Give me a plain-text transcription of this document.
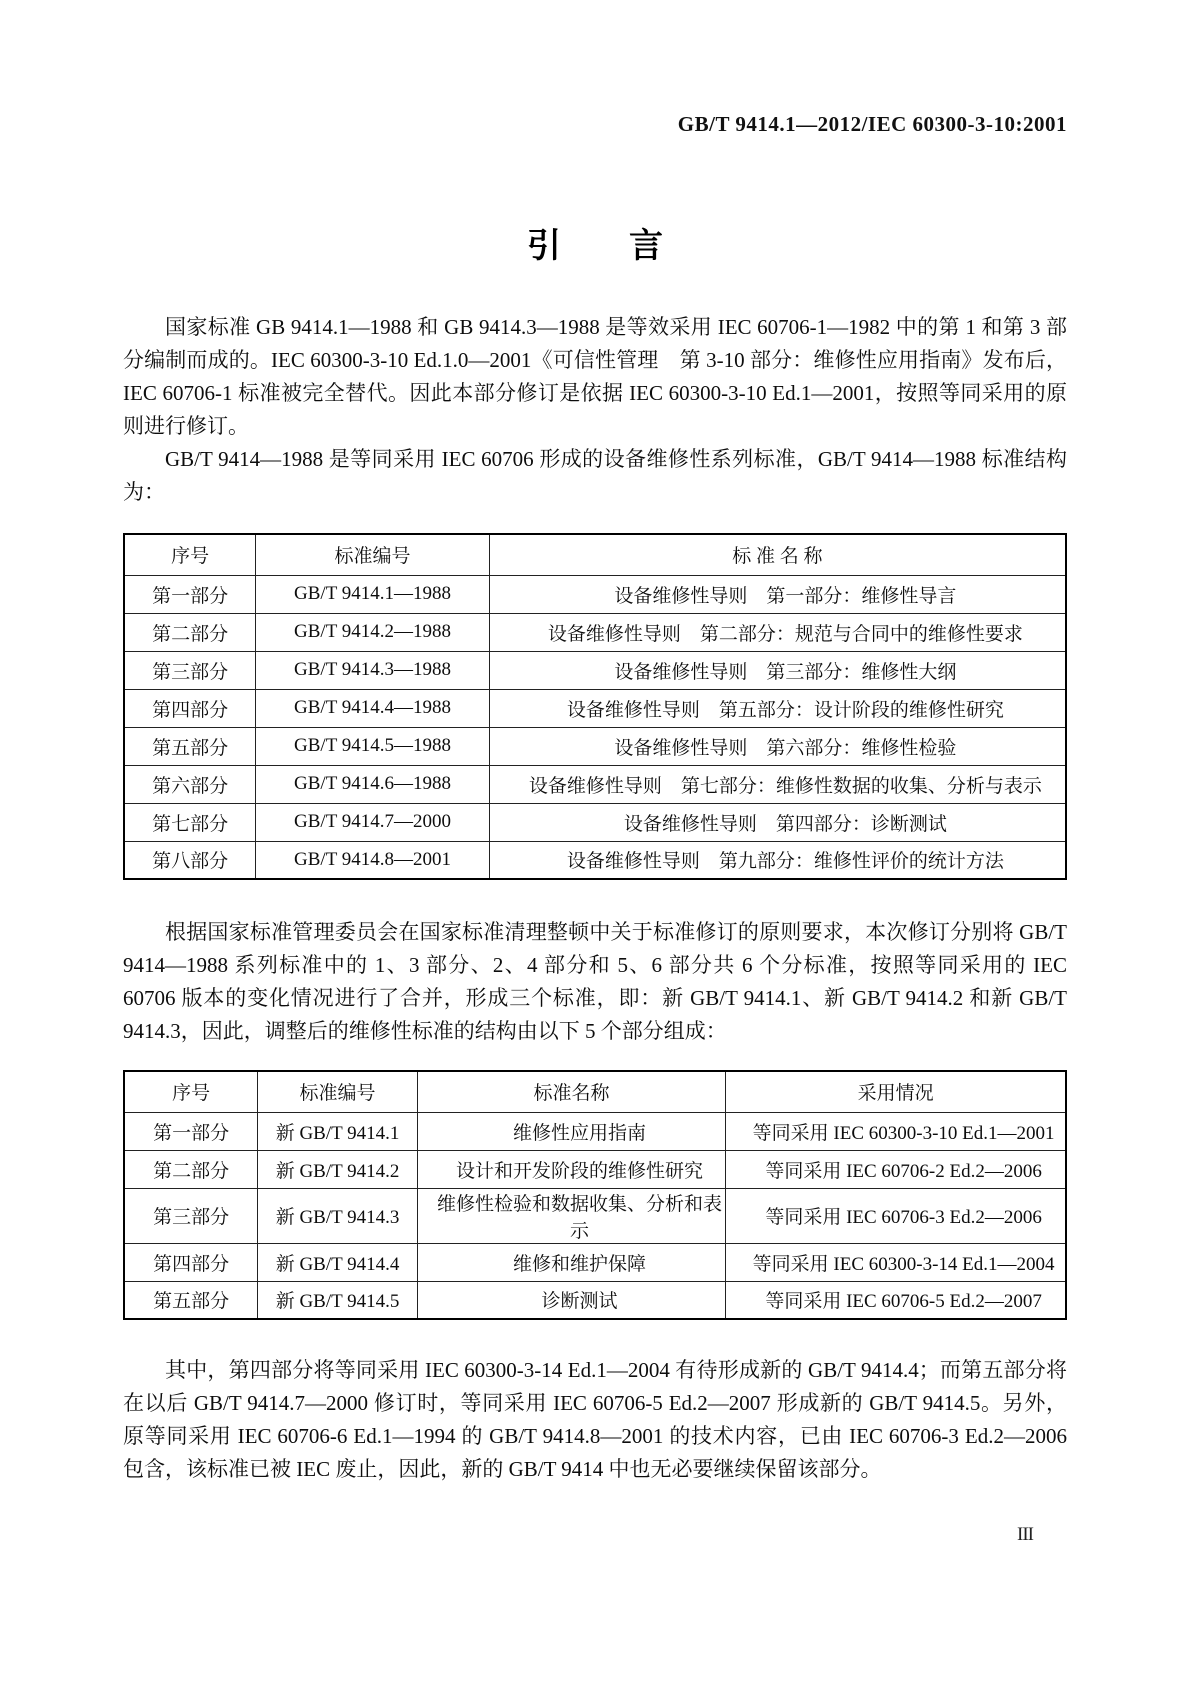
GB/T 9414.1—2012/IEC 60300-3-10:2001
引　　言

国家标准 GB 9414.1—1988 和 GB 9414.3—1988 是等效采用 IEC 60706-1—1982 中的第 1 和第 3 部分编制而成的。IEC 60300-3-10 Ed.1.0—2001《可信性管理　第 3-10 部分：维修性应用指南》发布后，IEC 60706-1 标准被完全替代。因此本部分修订是依据 IEC 60300-3-10 Ed.1—2001，按照等同采用的原则进行修订。

GB/T 9414—1988 是等同采用 IEC 60706 形成的设备维修性系列标准，GB/T 9414—1988 标准结构为：

序号	标准编号	标 准 名 称
第一部分	GB/T 9414.1—1988	设备维修性导则　第一部分：维修性导言
第二部分	GB/T 9414.2—1988	设备维修性导则　第二部分：规范与合同中的维修性要求
第三部分	GB/T 9414.3—1988	设备维修性导则　第三部分：维修性大纲
第四部分	GB/T 9414.4—1988	设备维修性导则　第五部分：设计阶段的维修性研究
第五部分	GB/T 9414.5—1988	设备维修性导则　第六部分：维修性检验
第六部分	GB/T 9414.6—1988	设备维修性导则　第七部分：维修性数据的收集、分析与表示
第七部分	GB/T 9414.7—2000	设备维修性导则　第四部分：诊断测试
第八部分	GB/T 9414.8—2001	设备维修性导则　第九部分：维修性评价的统计方法

根据国家标准管理委员会在国家标准清理整顿中关于标准修订的原则要求，本次修订分别将 GB/T 9414—1988 系列标准中的 1、3 部分、2、4 部分和 5、6 部分共 6 个分标准，按照等同采用的 IEC 60706 版本的变化情况进行了合并，形成三个标准，即：新 GB/T 9414.1、新 GB/T 9414.2 和新 GB/T 9414.3，因此，调整后的维修性标准的结构由以下 5 个部分组成：

序号	标准编号	标准名称	采用情况
第一部分	新 GB/T 9414.1	维修性应用指南	等同采用 IEC 60300-3-10 Ed.1—2001
第二部分	新 GB/T 9414.2	设计和开发阶段的维修性研究	等同采用 IEC 60706-2 Ed.2—2006
第三部分	新 GB/T 9414.3	维修性检验和数据收集、分析和表示	等同采用 IEC 60706-3 Ed.2—2006
第四部分	新 GB/T 9414.4	维修和维护保障	等同采用 IEC 60300-3-14 Ed.1—2004
第五部分	新 GB/T 9414.5	诊断测试	等同采用 IEC 60706-5 Ed.2—2007

其中，第四部分将等同采用 IEC 60300-3-14 Ed.1—2004 有待形成新的 GB/T 9414.4；而第五部分将在以后 GB/T 9414.7—2000 修订时，等同采用 IEC 60706-5 Ed.2—2007 形成新的 GB/T 9414.5。另外，原等同采用 IEC 60706-6 Ed.1—1994 的 GB/T 9414.8—2001 的技术内容，已由 IEC 60706-3 Ed.2—2006 包含，该标准已被 IEC 废止，因此，新的 GB/T 9414 中也无必要继续保留该部分。

III
